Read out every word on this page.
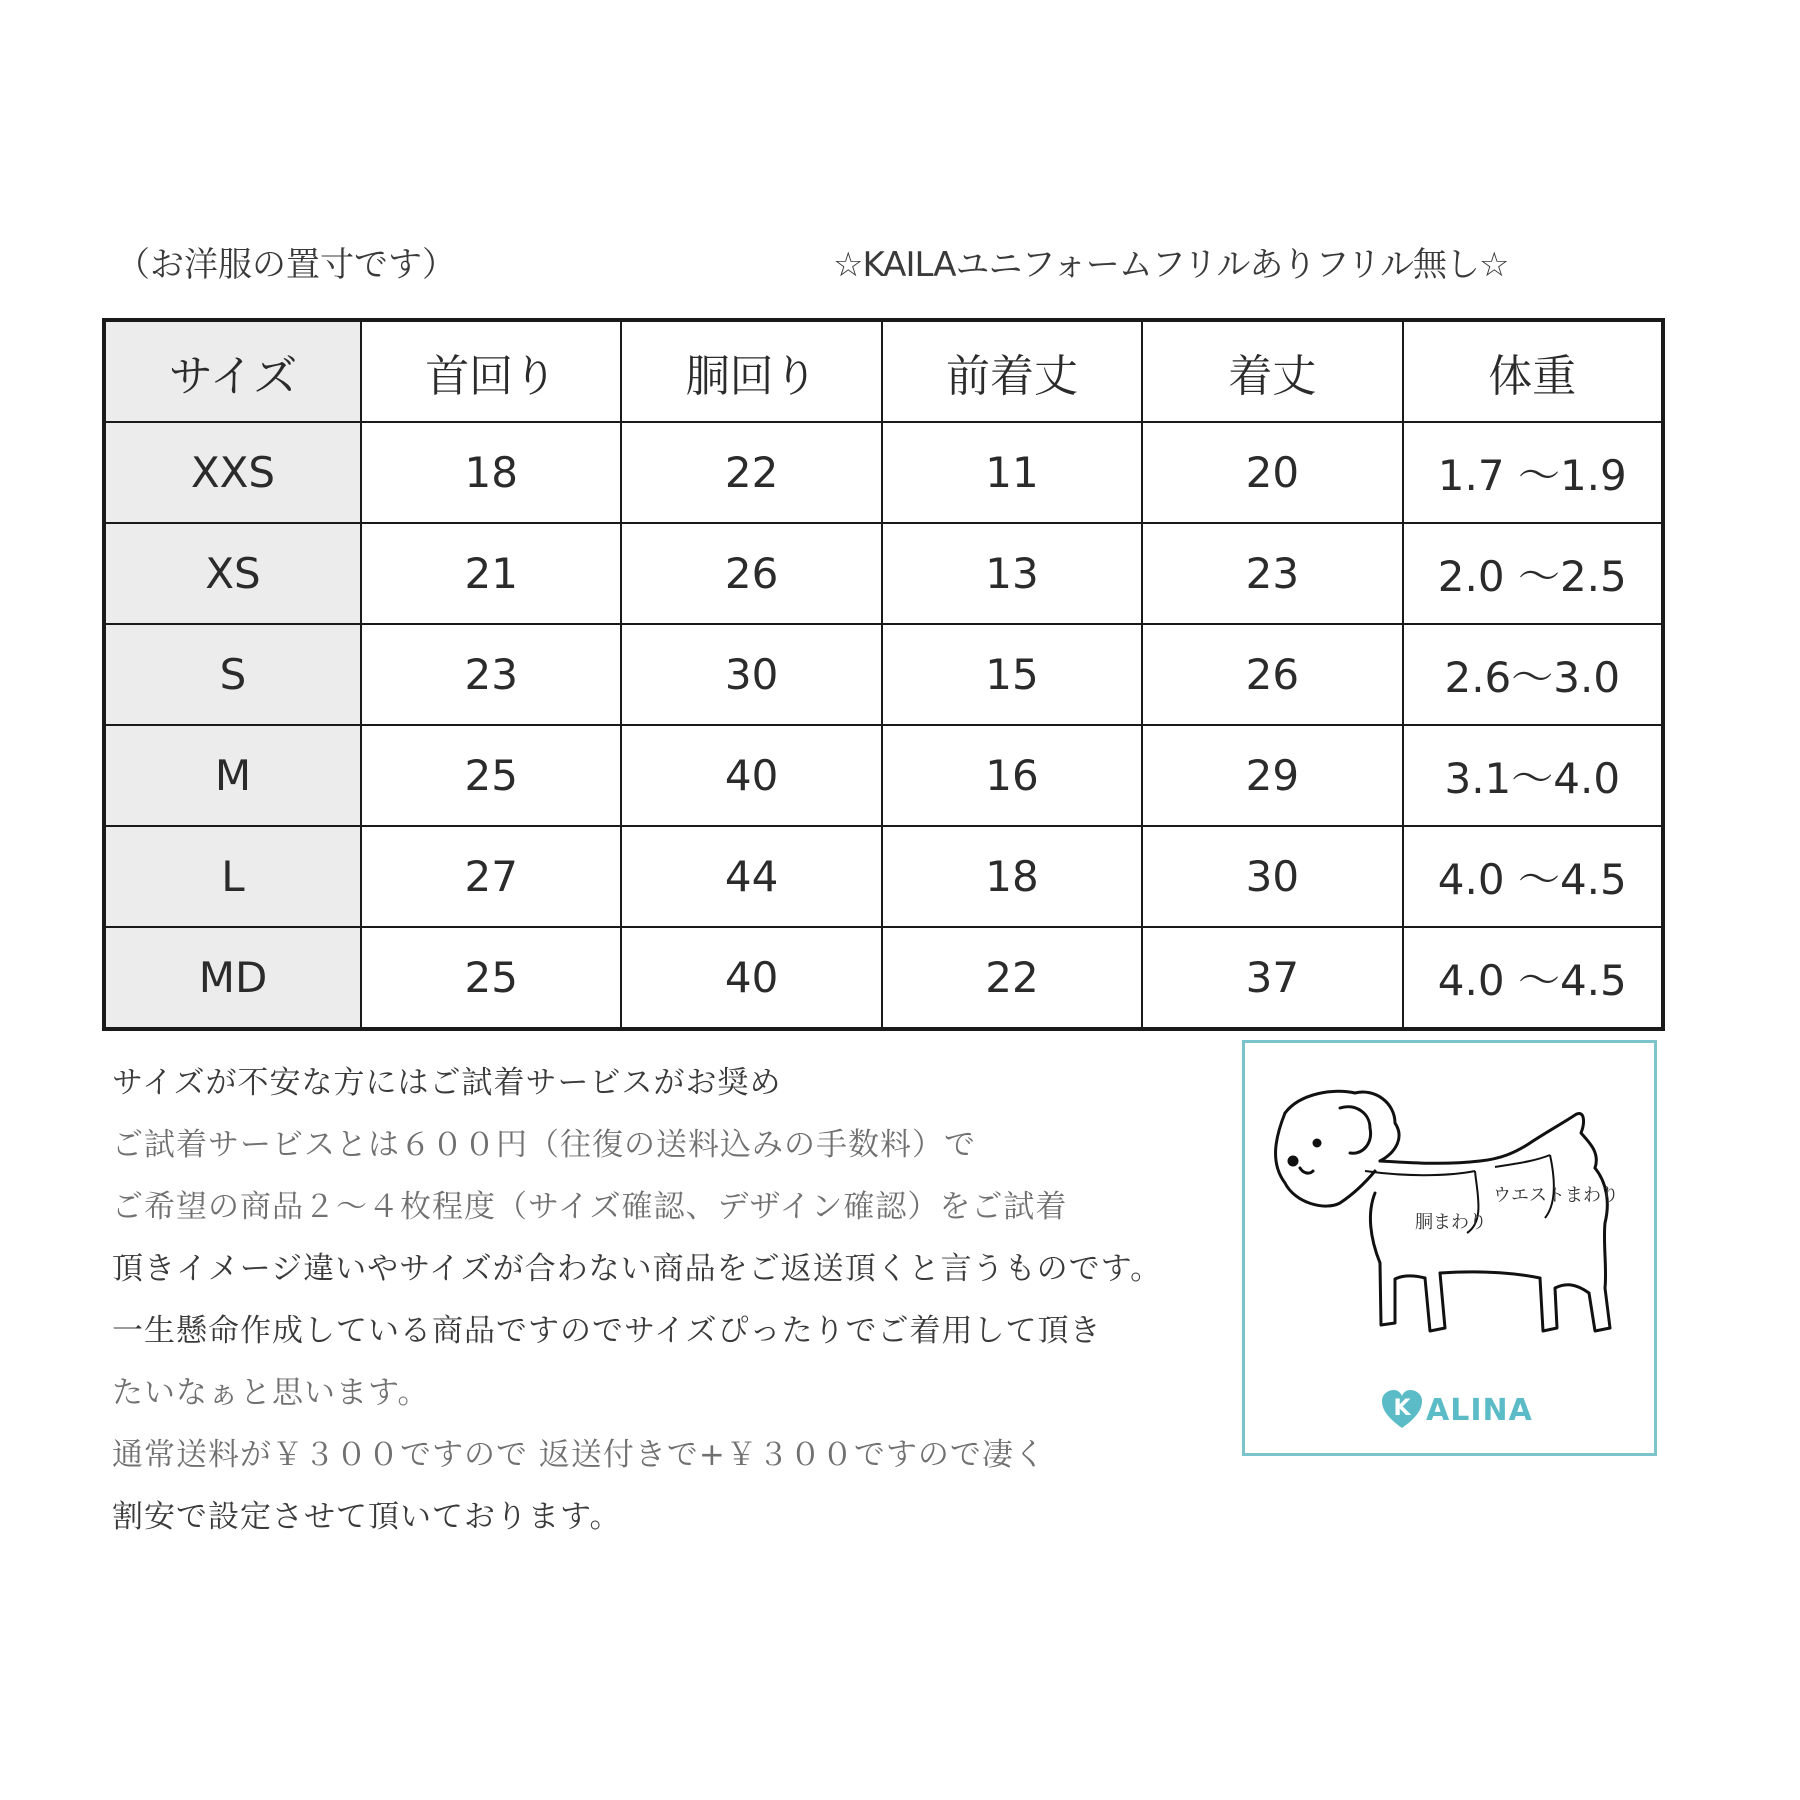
（お洋服の置寸です）	☆KAILAユニフォームフリルありフリル無し☆
サイズ	首回り	胴回り	前着丈	着丈	体重
XXS	18	22	11	20	1.7 ～1.9
XS	21	26	13	23	2.0 ～2.5
S	23	30	15	26	2.6～3.0
M	25	40	16	29	3.1～4.0
L	27	44	18	30	4.0 ～4.5
MD	25	40	22	37	4.0 ～4.5
サイズが不安な方にはご試着サービスがお奨め
ご試着サービスとは６００円（往復の送料込みの手数料）で
ご希望の商品２～４枚程度（サイズ確認、デザイン確認）をご試着
頂きイメージ違いやサイズが合わない商品をご返送頂くと言うものです。
一生懸命作成している商品ですのでサイズぴったりでご着用して頂き
たいなぁと思います。
通常送料が￥３００ですので 返送付きで+￥３００ですので凄く
割安で設定させて頂いております。
ウエストまわり
胴まわり
K ALINA
